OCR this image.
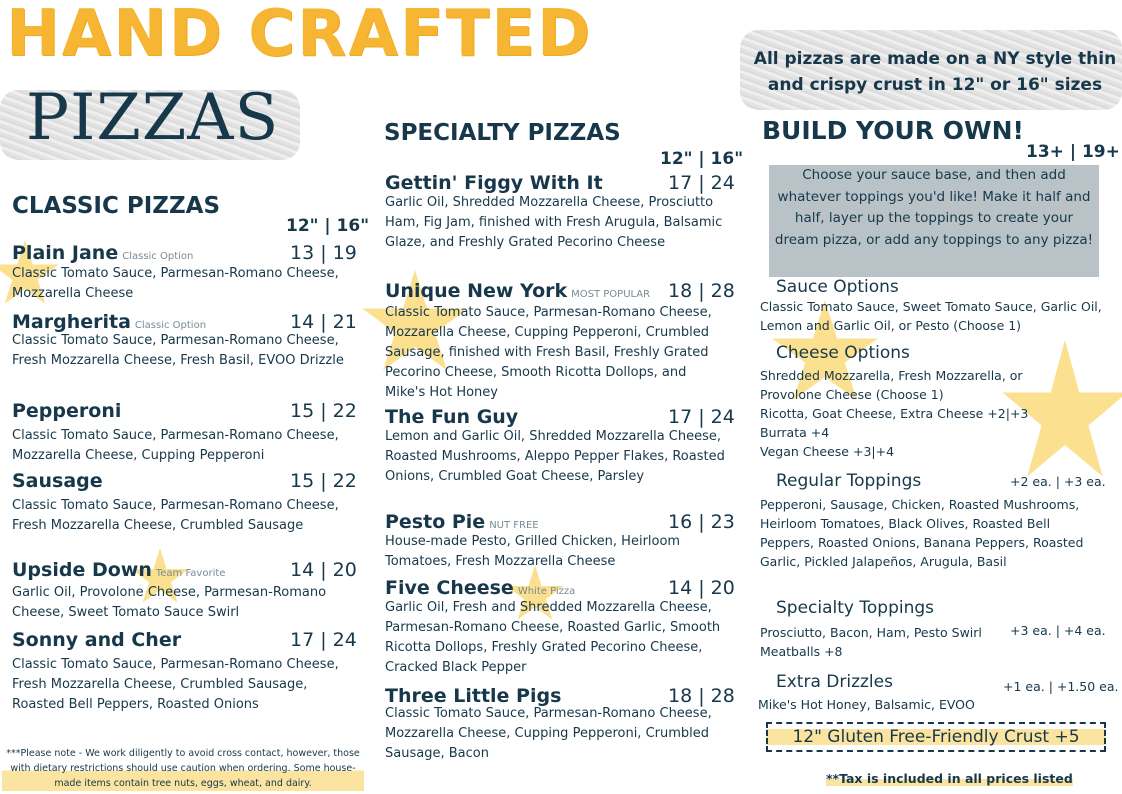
HAND CRAFTED
PIZZAS
All pizzas are made on a NY style thin and crispy crust in 12" or 16" sizes
CLASSIC PIZZAS
12" | 16"
Plain Jane Classic Option	13 | 19
Classic Tomato Sauce, Parmesan-Romano Cheese, Mozzarella Cheese
Margherita Classic Option	14 | 21
Classic Tomato Sauce, Parmesan-Romano Cheese, Fresh Mozzarella Cheese, Fresh Basil, EVOO Drizzle
Pepperoni	15 | 22
Classic Tomato Sauce, Parmesan-Romano Cheese, Mozzarella Cheese, Cupping Pepperoni
Sausage	15 | 22
Classic Tomato Sauce, Parmesan-Romano Cheese, Fresh Mozzarella Cheese, Crumbled Sausage
Upside Down Team Favorite	14 | 20
Garlic Oil, Provolone Cheese, Parmesan-Romano Cheese, Sweet Tomato Sauce Swirl
Sonny and Cher	17 | 24
Classic Tomato Sauce, Parmesan-Romano Cheese, Fresh Mozzarella Cheese, Crumbled Sausage, Roasted Bell Peppers, Roasted Onions
***Please note - We work diligently to avoid cross contact, however, those with dietary restrictions should use caution when ordering. Some house-made items contain tree nuts, eggs, wheat, and dairy.
SPECIALTY PIZZAS
12" | 16"
Gettin' Figgy With It	17 | 24
Garlic Oil, Shredded Mozzarella Cheese, Prosciutto Ham, Fig Jam, finished with Fresh Arugula, Balsamic Glaze, and Freshly Grated Pecorino Cheese
Unique New York MOST POPULAR 18 | 28
Classic Tomato Sauce, Parmesan-Romano Cheese, Mozzarella Cheese, Cupping Pepperoni, Crumbled Sausage, finished with Fresh Basil, Freshly Grated Pecorino Cheese, Smooth Ricotta Dollops, and Mike's Hot Honey
The Fun Guy	17 | 24
Lemon and Garlic Oil, Shredded Mozzarella Cheese, Roasted Mushrooms, Aleppo Pepper Flakes, Roasted Onions, Crumbled Goat Cheese, Parsley
Pesto Pie NUT FREE	16 | 23
House-made Pesto, Grilled Chicken, Heirloom Tomatoes, Fresh Mozzarella Cheese
Five Cheese White Pizza	14 | 20
Garlic Oil, Fresh and Shredded Mozzarella Cheese, Parmesan-Romano Cheese, Roasted Garlic, Smooth Ricotta Dollops, Freshly Grated Pecorino Cheese, Cracked Black Pepper
Three Little Pigs	18 | 28
Classic Tomato Sauce, Parmesan-Romano Cheese, Mozzarella Cheese, Cupping Pepperoni, Crumbled Sausage, Bacon
BUILD YOUR OWN!
13+ | 19+
Choose your sauce base, and then add whatever toppings you'd like! Make it half and half, layer up the toppings to create your dream pizza, or add any toppings to any pizza!
Sauce Options
Classic Tomato Sauce, Sweet Tomato Sauce, Garlic Oil, Lemon and Garlic Oil, or Pesto (Choose 1)
Cheese Options
Shredded Mozzarella, Fresh Mozzarella, or Provolone Cheese (Choose 1)
Ricotta, Goat Cheese, Extra Cheese +2|+3
Burrata +4
Vegan Cheese +3|+4
Regular Toppings	+2 ea. | +3 ea.
Pepperoni, Sausage, Chicken, Roasted Mushrooms, Heirloom Tomatoes, Black Olives, Roasted Bell Peppers, Roasted Onions, Banana Peppers, Roasted Garlic, Pickled Jalapeños, Arugula, Basil
Specialty Toppings
Prosciutto, Bacon, Ham, Pesto Swirl +3 ea. | +4 ea.
Meatballs +8
Extra Drizzles	+1 ea. | +1.50 ea.
Mike's Hot Honey, Balsamic, EVOO
12" Gluten Free-Friendly Crust +5
**Tax is included in all prices listed
